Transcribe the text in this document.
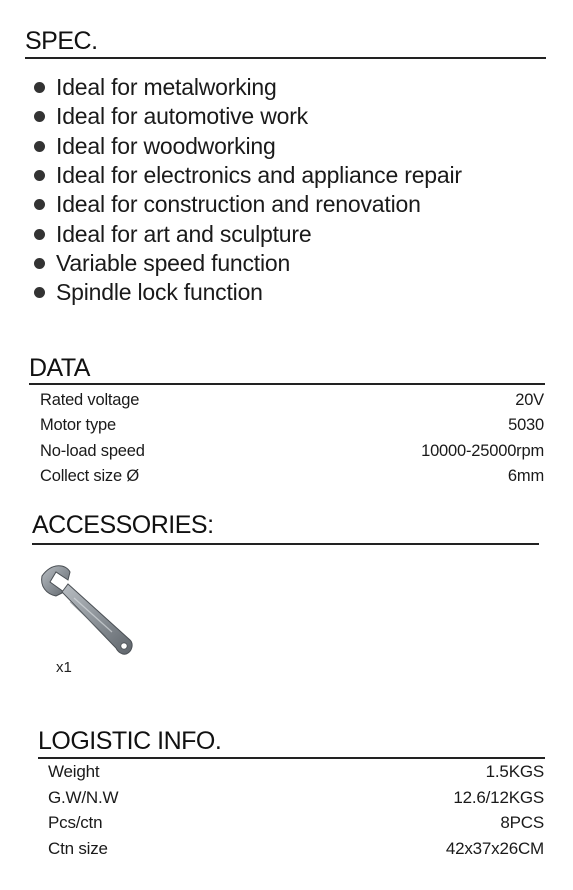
SPEC.
Ideal for metalworking
Ideal for automotive work
Ideal for woodworking
Ideal for electronics and appliance repair
Ideal for construction and renovation
Ideal for art and sculpture
Variable speed function
Spindle lock function
DATA
Rated voltage	20V
Motor type	5030
No-load speed	10000-25000rpm
Collect size Ø	6mm
ACCESSORIES:
x1
LOGISTIC INFO.
Weight	1.5KGS
G.W/N.W	12.6/12KGS
Pcs/ctn	8PCS
Ctn size	42x37x26CM
